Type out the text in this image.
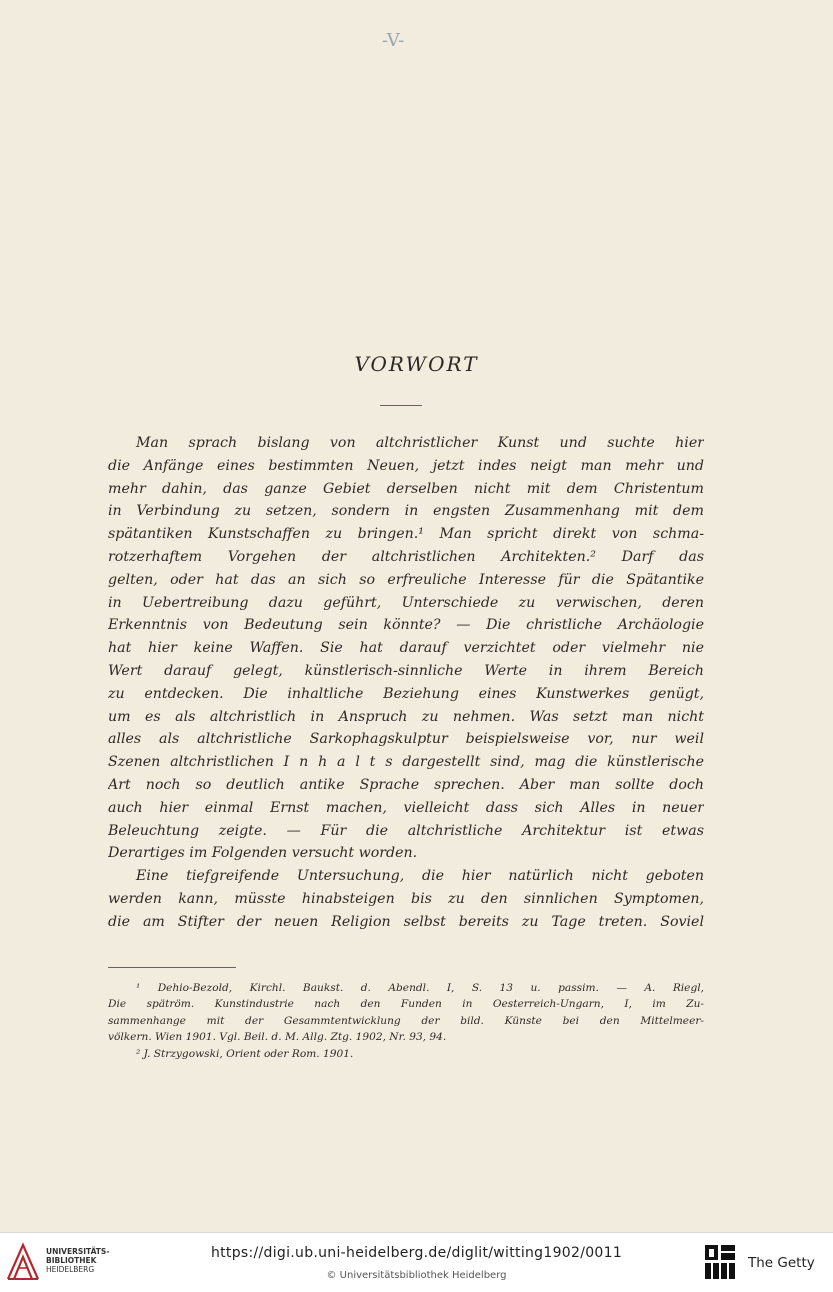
-V-
VORWORT
Man sprach bislang von altchristlicher Kunst und suchte hier
die Anfänge eines bestimmten Neuen, jetzt indes neigt man mehr und
mehr dahin, das ganze Gebiet derselben nicht mit dem Christentum
in Verbindung zu setzen, sondern in engsten Zusammenhang mit dem
spätantiken Kunstschaffen zu bringen.¹ Man spricht direkt von schma-
rotzerhaftem Vorgehen der altchristlichen Architekten.² Darf das
gelten, oder hat das an sich so erfreuliche Interesse für die Spätantike
in Uebertreibung dazu geführt, Unterschiede zu verwischen, deren
Erkenntnis von Bedeutung sein könnte? — Die christliche Archäologie
hat hier keine Waffen. Sie hat darauf verzichtet oder vielmehr nie
Wert darauf gelegt, künstlerisch-sinnliche Werte in ihrem Bereich
zu entdecken. Die inhaltliche Beziehung eines Kunstwerkes genügt,
um es als altchristlich in Anspruch zu nehmen. Was setzt man nicht
alles als altchristliche Sarkophagskulptur beispielsweise vor, nur weil
Szenen altchristlichen I n h a l t s dargestellt sind, mag die künstlerische
Art noch so deutlich antike Sprache sprechen. Aber man sollte doch
auch hier einmal Ernst machen, vielleicht dass sich Alles in neuer
Beleuchtung zeigte. — Für die altchristliche Architektur ist etwas
Derartiges im Folgenden versucht worden.
Eine tiefgreifende Untersuchung, die hier natürlich nicht geboten
werden kann, müsste hinabsteigen bis zu den sinnlichen Symptomen,
die am Stifter der neuen Religion selbst bereits zu Tage treten. Soviel
¹ Dehio-Bezold, Kirchl. Baukst. d. Abendl. I, S. 13 u. passim. — A. Riegl,
Die spätröm. Kunstindustrie nach den Funden in Oesterreich-Ungarn, I, im Zu-
sammenhange mit der Gesammtentwicklung der bild. Künste bei den Mittelmeer-
völkern. Wien 1901. Vgl. Beil. d. M. Allg. Ztg. 1902, Nr. 93, 94.
² J. Strzygowski, Orient oder Rom. 1901.
UNIVERSITÄTS-
BIBLIOTHEK
HEIDELBERG
https://digi.ub.uni-heidelberg.de/diglit/witting1902/0011
© Universitätsbibliothek Heidelberg
The Getty
